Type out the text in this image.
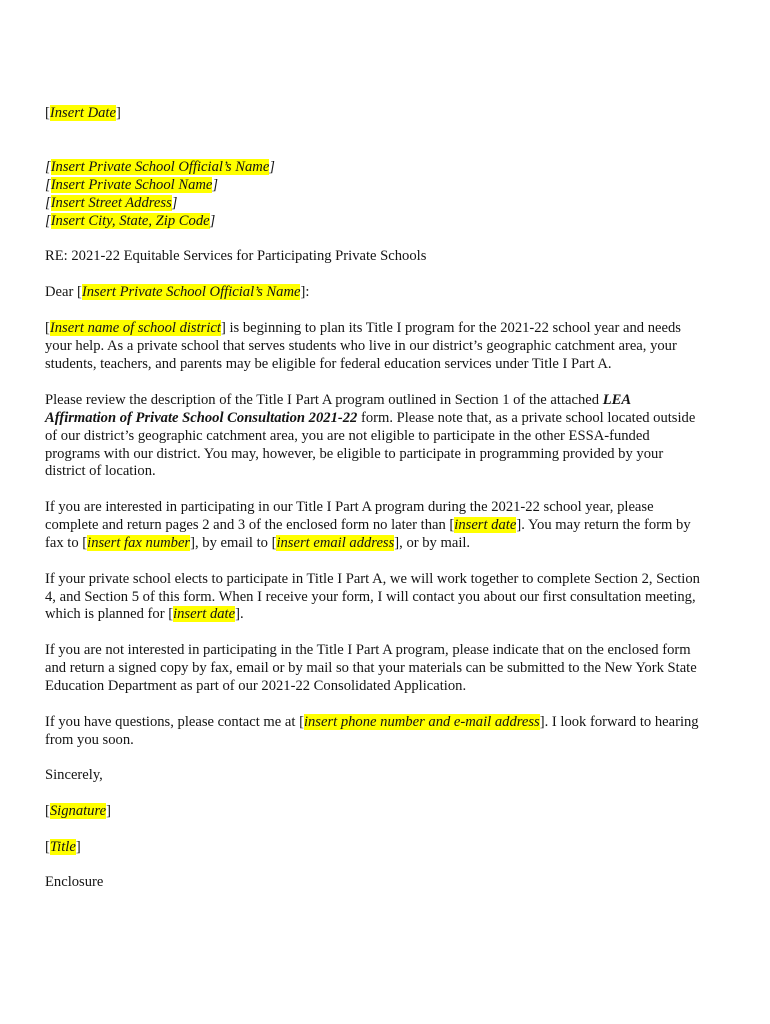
[Insert Date]
[Insert Private School Official’s Name]
[Insert Private School Name]
[Insert Street Address]
[Insert City, State, Zip Code]
RE: 2021-22 Equitable Services for Participating Private Schools
Dear [Insert Private School Official’s Name]:
[Insert name of school district] is beginning to plan its Title I program for the 2021-22 school year and needs
your help. As a private school that serves students who live in our district’s geographic catchment area, your
students, teachers, and parents may be eligible for federal education services under Title I Part A.
Please review the description of the Title I Part A program outlined in Section 1 of the attached LEA
Affirmation of Private School Consultation 2021-22 form. Please note that, as a private school located outside
of our district’s geographic catchment area, you are not eligible to participate in the other ESSA-funded
programs with our district. You may, however, be eligible to participate in programming provided by your
district of location.
If you are interested in participating in our Title I Part A program during the 2021-22 school year, please
complete and return pages 2 and 3 of the enclosed form no later than [insert date]. You may return the form by
fax to [insert fax number], by email to [insert email address], or by mail.
If your private school elects to participate in Title I Part A, we will work together to complete Section 2, Section
4, and Section 5 of this form. When I receive your form, I will contact you about our first consultation meeting,
which is planned for [insert date].
If you are not interested in participating in the Title I Part A program, please indicate that on the enclosed form
and return a signed copy by fax, email or by mail so that your materials can be submitted to the New York State
Education Department as part of our 2021-22 Consolidated Application.
If you have questions, please contact me at [insert phone number and e-mail address]. I look forward to hearing
from you soon.
Sincerely,
[Signature]
[Title]
Enclosure
